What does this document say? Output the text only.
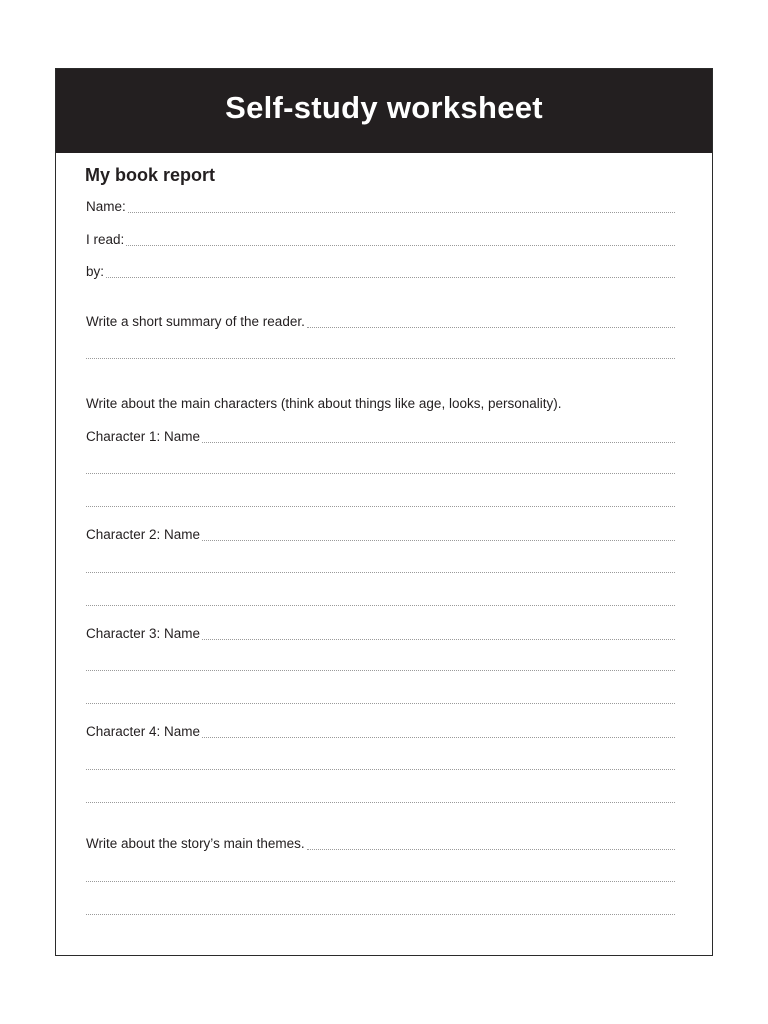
Self-study worksheet
My book report
Name:
I read:
by:
Write a short summary of the reader.
Write about the main characters (think about things like age, looks, personality).
Character 1: Name
Character 2: Name
Character 3: Name
Character 4: Name
Write about the story’s main themes.
